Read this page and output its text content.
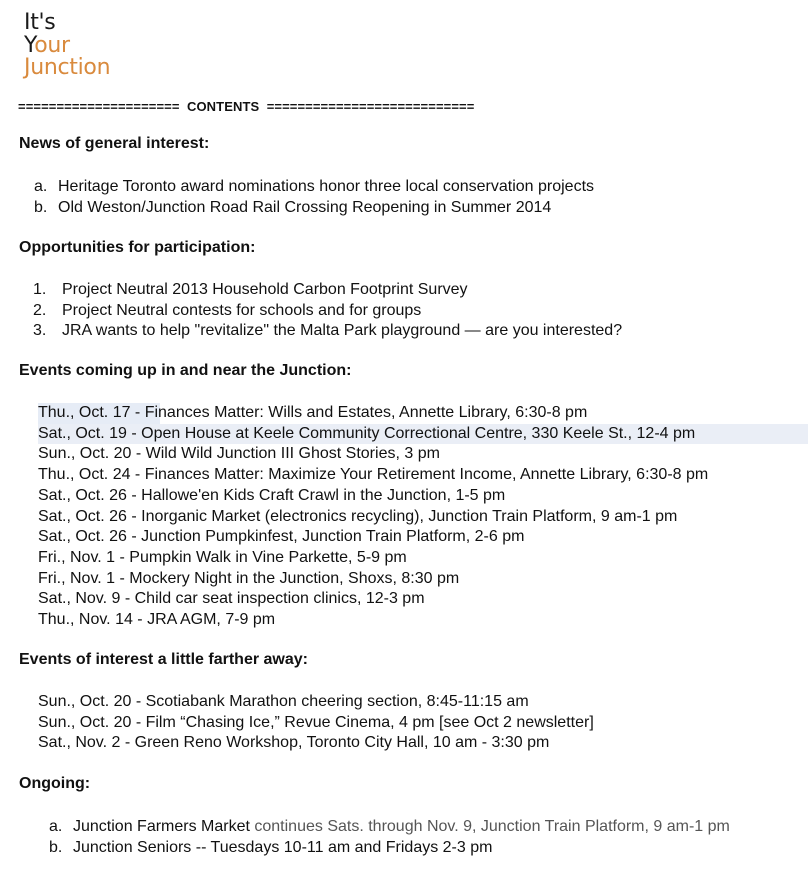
It's
Your
Junction
===================== CONTENTS ===========================
News of general interest:
a. Heritage Toronto award nominations honor three local conservation projects
b. Old Weston/Junction Road Rail Crossing Reopening in Summer 2014
Opportunities for participation:
1. Project Neutral 2013 Household Carbon Footprint Survey
2. Project Neutral contests for schools and for groups
3. JRA wants to help "revitalize" the Malta Park playground — are you interested?
Events coming up in and near the Junction:
Thu., Oct. 17 - Finances Matter: Wills and Estates, Annette Library, 6:30-8 pm
Sat., Oct. 19 - Open House at Keele Community Correctional Centre, 330 Keele St., 12-4 pm
Sun., Oct. 20 - Wild Wild Junction III Ghost Stories, 3 pm
Thu., Oct. 24 - Finances Matter: Maximize Your Retirement Income, Annette Library, 6:30-8 pm
Sat., Oct. 26 - Hallowe'en Kids Craft Crawl in the Junction, 1-5 pm
Sat., Oct. 26 - Inorganic Market (electronics recycling), Junction Train Platform, 9 am-1 pm
Sat., Oct. 26 - Junction Pumpkinfest, Junction Train Platform, 2-6 pm
Fri., Nov. 1 - Pumpkin Walk in Vine Parkette, 5-9 pm
Fri., Nov. 1 - Mockery Night in the Junction, Shoxs, 8:30 pm
Sat., Nov. 9 - Child car seat inspection clinics, 12-3 pm
Thu., Nov. 14 - JRA AGM, 7-9 pm
Events of interest a little farther away:
Sun., Oct. 20 - Scotiabank Marathon cheering section, 8:45-11:15 am
Sun., Oct. 20 - Film “Chasing Ice,” Revue Cinema, 4 pm [see Oct 2 newsletter]
Sat., Nov. 2 - Green Reno Workshop, Toronto City Hall, 10 am - 3:30 pm
Ongoing:
a. Junction Farmers Market continues Sats. through Nov. 9, Junction Train Platform, 9 am-1 pm
b. Junction Seniors -- Tuesdays 10-11 am and Fridays 2-3 pm
